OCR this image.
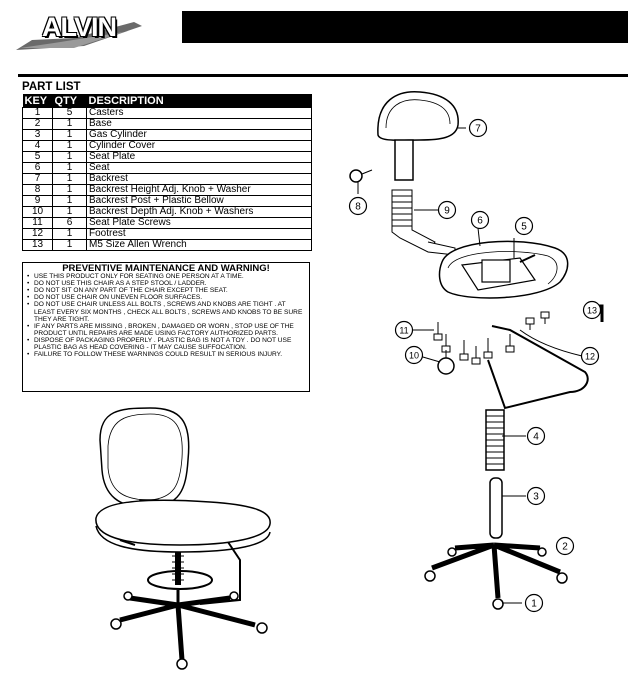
ALVIN
PART LIST
KEY	QTY	DESCRIPTION
1	5	Casters
2	1	Base
3	1	Gas Cylinder
4	1	Cylinder Cover
5	1	Seat Plate
6	1	Seat
7	1	Backrest
8	1	Backrest Height Adj. Knob + Washer
9	1	Backrest Post + Plastic Bellow
10	1	Backrest Depth Adj. Knob + Washers
11	6	Seat Plate Screws
12	1	Footrest
13	1	M5 Size Allen Wrench
PREVENTIVE MAINTENANCE AND WARNING!
• USE THIS PRODUCT ONLY FOR SEATING ONE PERSON AT A TIME.
• DO NOT USE THIS CHAIR AS A STEP STOOL / LADDER.
• DO NOT SIT ON ANY PART OF THE CHAIR EXCEPT THE SEAT.
• DO NOT USE CHAIR ON UNEVEN FLOOR SURFACES.
• DO NOT USE CHAIR UNLESS ALL BOLTS , SCREWS AND KNOBS ARE TIGHT . AT LEAST EVERY SIX MONTHS , CHECK ALL BOLTS , SCREWS AND KNOBS TO BE SURE THEY ARE TIGHT.
• IF ANY PARTS ARE MISSING , BROKEN , DAMAGED OR WORN , STOP USE OF THE PRODUCT UNTIL REPAIRS ARE MADE USING FACTORY AUTHORIZED PARTS.
• DISPOSE OF PACKAGING PROPERLY . PLASTIC BAG IS NOT A TOY . DO NOT USE PLASTIC BAG AS HEAD COVERING - IT MAY CAUSE SUFFOCATION.
• FAILURE TO FOLLOW THESE WARNINGS COULD RESULT IN SERIOUS INJURY.
1
2
3
4
5
6
7
8	9
10
11
12
13
